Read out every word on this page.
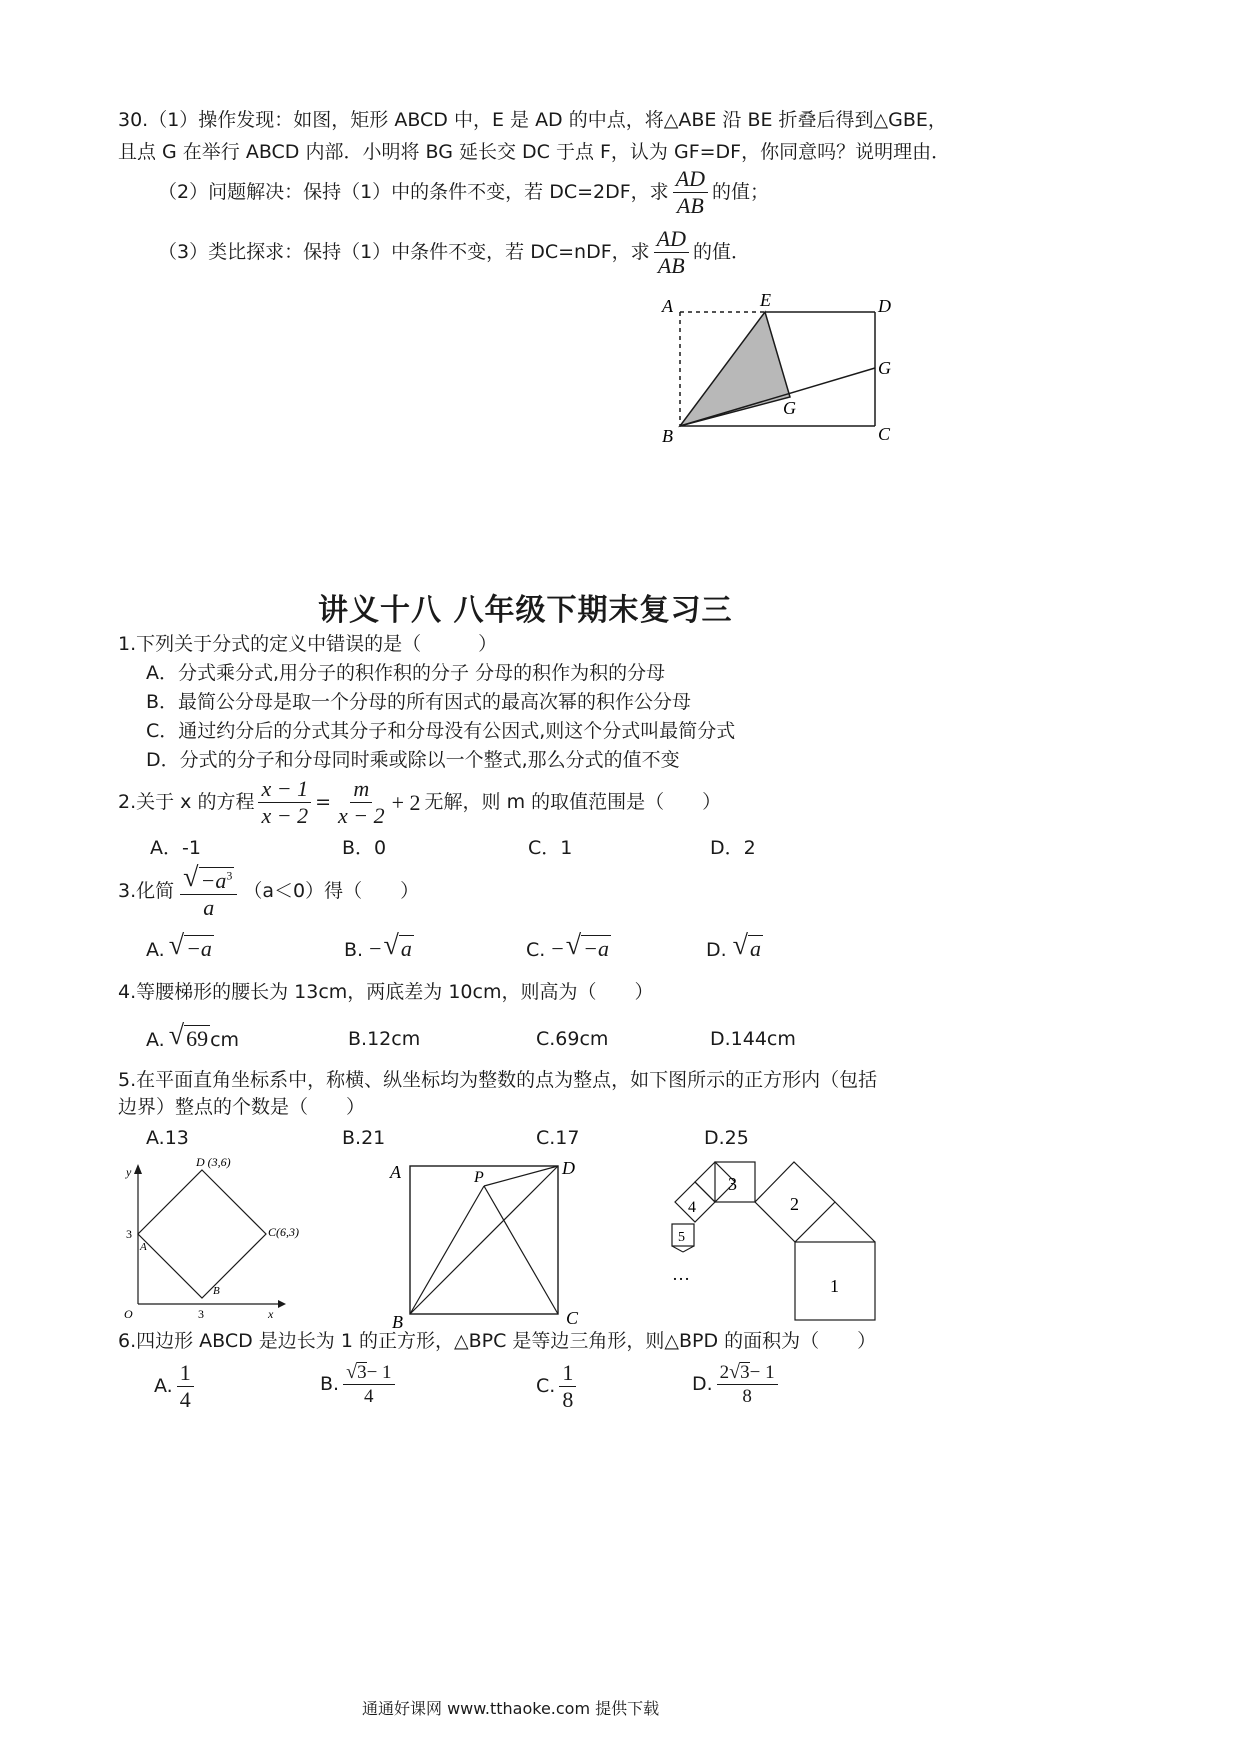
30.（1）操作发现：如图，矩形 ABCD 中，E 是 AD 的中点，将△ABE 沿 BE 折叠后得到△GBE，
且点 G 在举行 ABCD 内部．小明将 BG 延长交 DC 于点 F，认为 GF=DF，你同意吗？说明理由．
（2）问题解决：保持（1）中的条件不变，若 DC=2DF，求 $\frac{AD}{AB}$ 的值；
（3）类比探求：保持（1）中条件不变，若 DC=nDF，求 $\frac{AD}{AB}$ 的值．
A	E	D
G
G
B	C
讲义十八 八年级下期末复习三
1.下列关于分式的定义中错误的是（　　　）
A．分式乘分式,用分子的积作积的分子 分母的积作为积的分母
B．最简公分母是取一个分母的所有因式的最高次幂的积作公分母
C．通过约分后的分式其分子和分母没有公因式,则这个分式叫最简分式
D．分式的分子和分母同时乘或除以一个整式,那么分式的值不变
2.关于 x 的方程 $\frac{x - 1}{x - 2} = \frac{m}{x - 2} + 2$ 无解，则 m 的取值范围是（　　）
A．-1	B．0	C．1	D．2
3.化简 $\frac{√ -a^3}{a} (a<0)$得（　　）
A. √ −a	B. − √ a	C. − √ −a	D. √ a
4.等腰梯形的腰长为 13cm，两底差为 10cm，则高为（　　）
A. √ 69 cm	B.12cm	C.69cm	D.144cm
5.在平面直角坐标系中，称横、纵坐标均为整数的点为整点，如下图所示的正方形内（包括
边界）整点的个数是（　　）
A.13	B.21	C.17	D.25
D (3,6)
C(6,3)
A
B
O	x
y
3
3
A	D
P
B	C
1
2
3
4
5
…
6.四边形 ABCD 是边长为 1 的正方形，△BPC 是等边三角形，则△BPD 的面积为（　　）
A. $\frac{1}{4}$	B. $\frac{√ 3 - 1}{4}$	C. $\frac{1}{8}$	D. $\frac{2 √ 3 - 1}{8}$
通通好课网 www.tthaoke.com 提供下载
